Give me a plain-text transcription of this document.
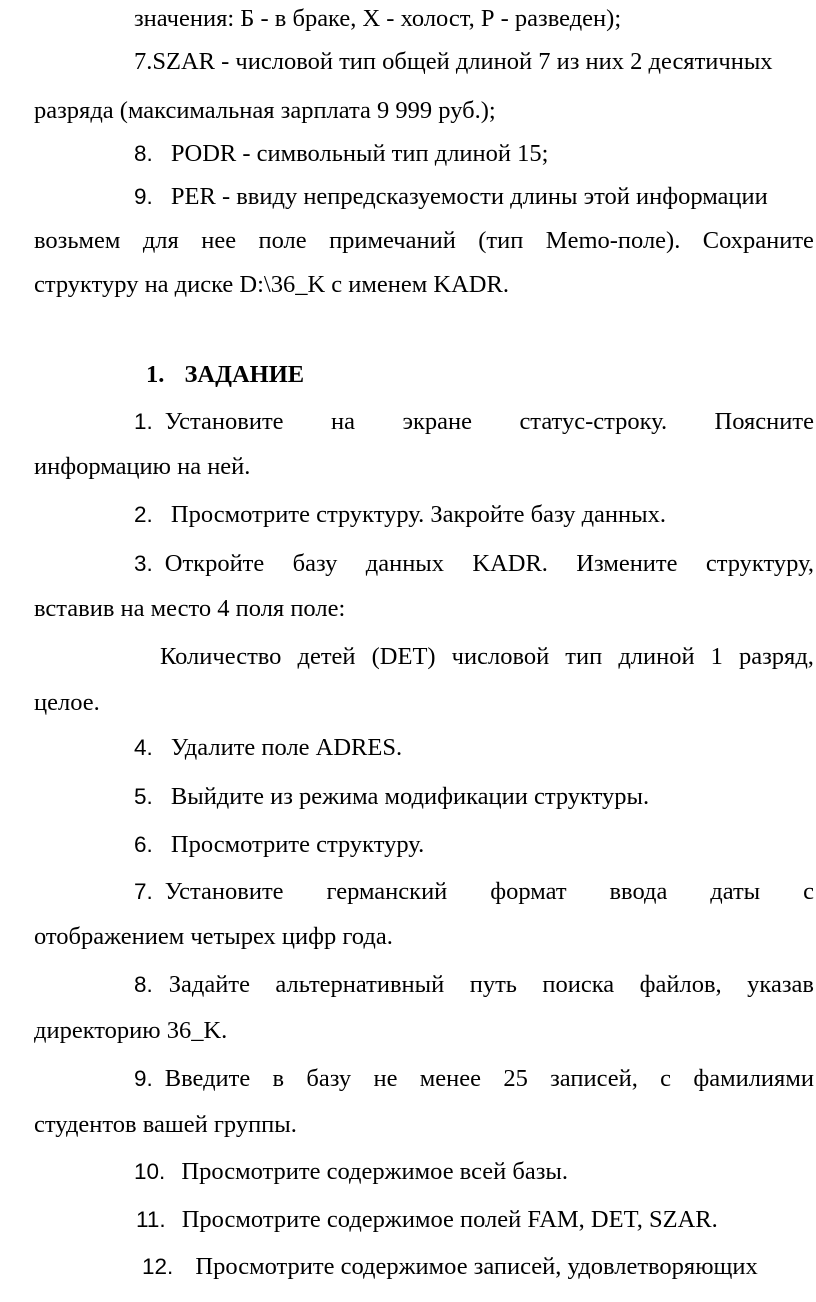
значения: Б - в браке, Х - холост, Р - разведен);
7.SZAR - числовой тип общей длиной 7 из них 2 десятичных
разряда (максимальная зарплата 9 999 руб.);
8. PODR - символьный тип длиной 15;
9. PER - ввиду непредсказуемости длины этой информации
возьмем для нее поле примечаний (тип Memo-поле). Сохраните
структуру на диске D:\36_K с именем KADR.
1. ЗАДАНИЕ
1. Установите на экране статус-строку. Поясните
информацию на ней.
2. Просмотрите структуру. Закройте базу данных.
3. Откройте базу данных KADR. Измените структуру,
вставив на место 4 поля поле:
Количество детей (DET) числовой тип длиной 1 разряд,
целое.
4. Удалите поле ADRES.
5. Выйдите из режима модификации структуры.
6. Просмотрите структуру.
7. Установите германский формат ввода даты с
отображением четырех цифр года.
8. Задайте альтернативный путь поиска файлов, указав
директорию 36_K.
9. Введите в базу не менее 25 записей, с фамилиями
студентов вашей группы.
10. Просмотрите содержимое всей базы.
11. Просмотрите содержимое полей FAM, DET, SZAR.
12. Просмотрите содержимое записей, удовлетворяющих
